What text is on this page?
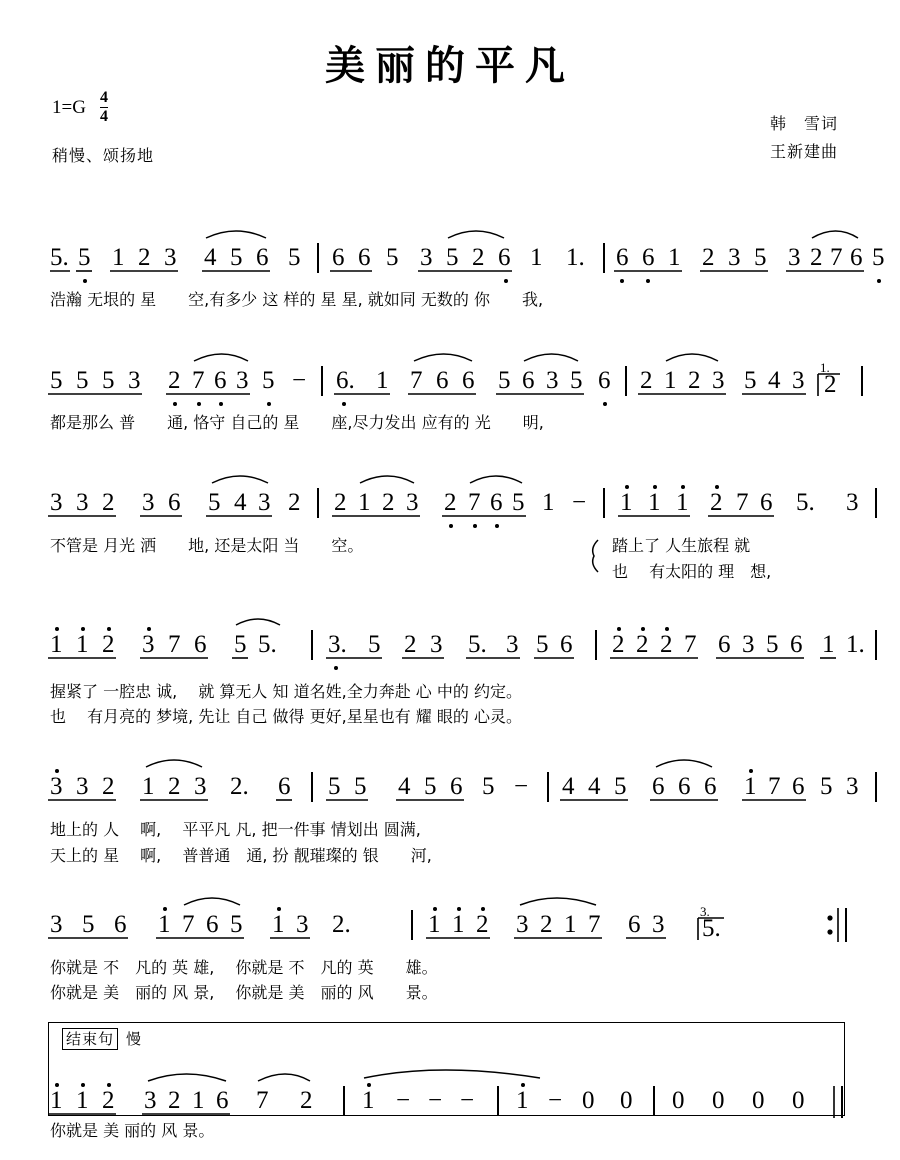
美丽的平凡
$1=G \frac{4}{4}$
稍慢、颂扬地
韩　雪词
王新建曲
5. 5 1 2 3 4 5 6 5 6 6 5 3 5 2 6 1 1. 6 6 1 2 3 5 3 2 7 6 5
浩瀚 无垠的 星　　空,有多少 这 样的 星 星, 就如同 无数的 你　　我,
5 5 5 3 2 7 6 3 5 − 6. 1 7 6 6 5 6 3 5 6 2 1 2 3 5 4 3 1.
2
都是那么 普　　通, 恪守 自己的 星　　座,尽力发出 应有的 光　　明,
3 3 2 3 6 5 4 3 2 2 1 2 3 2 7 6 5 1 − 1 1 1 2 7 6 5. 3
不管是 月光 洒　　地, 还是太阳 当　　空。	踏上了 人生旅程 就
也　 有太阳的 理　想,
1 1 2 3 7 6 5 5. 3. 5 2 3 5. 3 5 6 2 2 2 7 6 3 5 6 1 1.
握紧了 一腔忠 诚,　 就 算无人 知 道名姓,全力奔赴 心 中的 约定。
也　 有月亮的 梦境, 先让 自己 做得 更好,星星也有 耀 眼的 心灵。
3 3 2 1 2 3 2. 6 5 5 4 5 6 5 − 4 4 5 6 6 6 1 7 6 5 3
地上的 人　 啊,　 平平凡 凡, 把一件事 情划出 圆满,
天上的 星　 啊,　 普普通　通, 扮 靓璀璨的 银　　河,
3 5 6 1 7 6 5 1 3 2.	1 1 2 3 2 1 7 6 3	3.
5.
你就是 不　凡的 英 雄,　 你就是 不　凡的 英　　雄。
你就是 美　丽的 风 景,　 你就是 美　丽的 风　　景。
1 1 2 3 2 1 6 7 2 1 − − − 1 − 0 0 0 0 0 0
结束句 慢
你就是 美 丽的 风 景。
